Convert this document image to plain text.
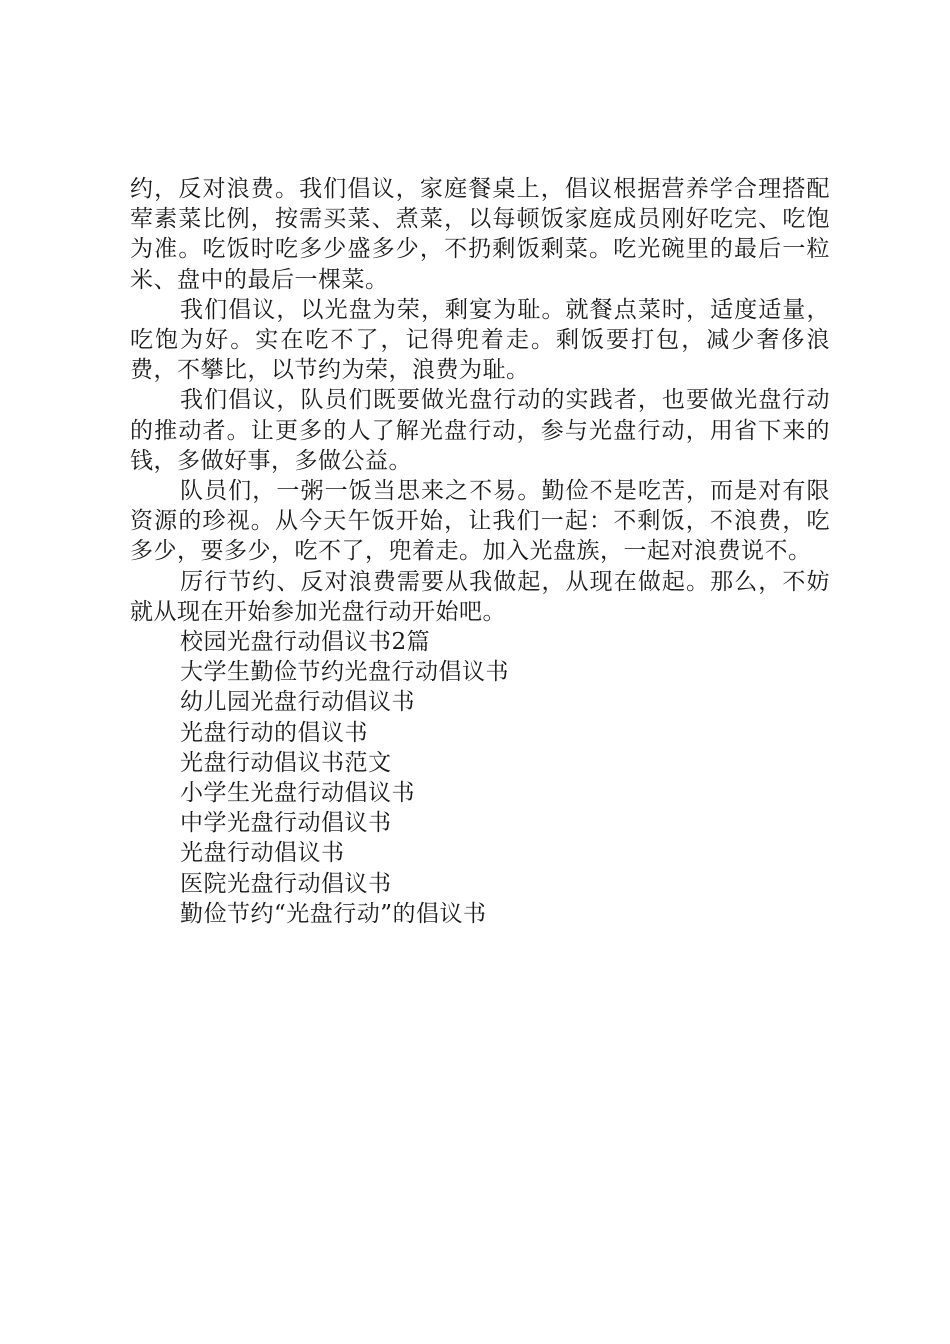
约，反对浪费。我们倡议，家庭餐桌上，倡议根据营养学合理搭配荤素菜比例，按需买菜、煮菜，以每顿饭家庭成员刚好吃完、吃饱为准。吃饭时吃多少盛多少，不扔剩饭剩菜。吃光碗里的最后一粒米、盘中的最后一棵菜。

我们倡议，以光盘为荣，剩宴为耻。就餐点菜时，适度适量，吃饱为好。实在吃不了，记得兜着走。剩饭要打包，减少奢侈浪费，不攀比，以节约为荣，浪费为耻。

我们倡议，队员们既要做光盘行动的实践者，也要做光盘行动的推动者。让更多的人了解光盘行动，参与光盘行动，用省下来的钱，多做好事，多做公益。

队员们，一粥一饭当思来之不易。勤俭不是吃苦，而是对有限资源的珍视。从今天午饭开始，让我们一起：不剩饭，不浪费，吃多少，要多少，吃不了，兜着走。加入光盘族，一起对浪费说不。

厉行节约、反对浪费需要从我做起，从现在做起。那么，不妨就从现在开始参加光盘行动开始吧。

校园光盘行动倡议书2篇
大学生勤俭节约光盘行动倡议书
幼儿园光盘行动倡议书
光盘行动的倡议书
光盘行动倡议书范文
小学生光盘行动倡议书
中学光盘行动倡议书
光盘行动倡议书
医院光盘行动倡议书
勤俭节约“光盘行动”的倡议书
